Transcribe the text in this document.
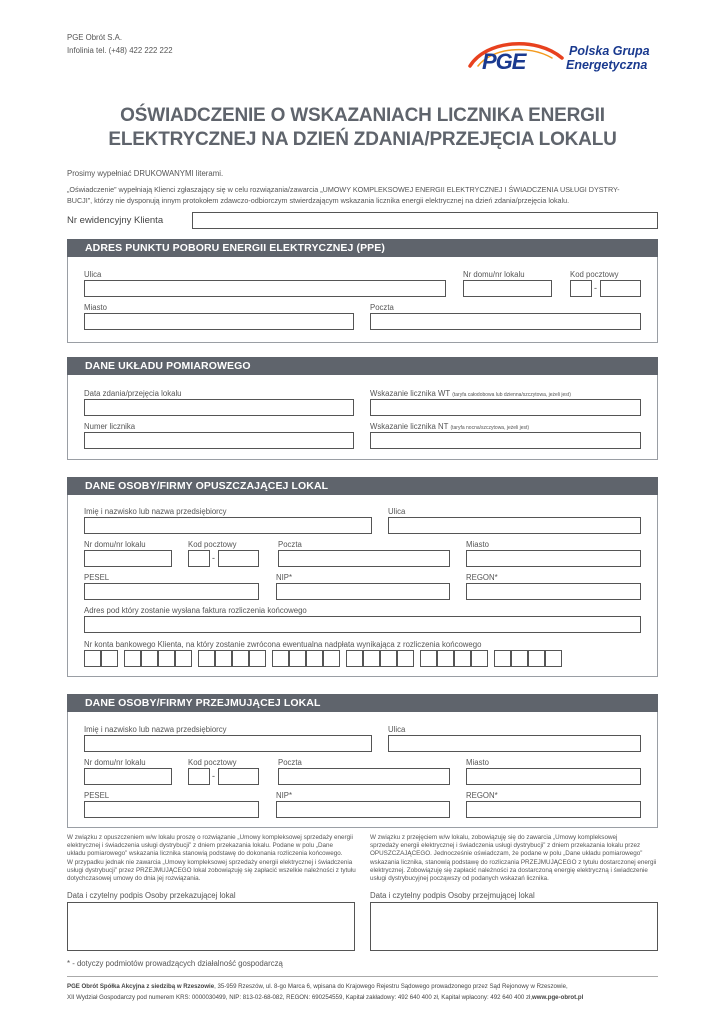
PGE Obrót S.A.
Infolinia tel. (+48) 422 222 222	PGE	Polska Grupa
Energetyczna
OŚWIADCZENIE O WSKAZANIACH LICZNIKA ENERGII
ELEKTRYCZNEJ NA DZIEŃ ZDANIA/PRZEJĘCIA LOKALU
Prosimy wypełniać DRUKOWANYMI literami.
„Oświadczenie” wypełniają Klienci zgłaszający się w celu rozwiązania/zawarcia „UMOWY KOMPLEKSOWEJ ENERGII ELEKTRYCZNEJ I ŚWIADCZENIA USŁUGI DYSTRY-
BUCJI”, którzy nie dysponują innym protokołem zdawczo-odbiorczym stwierdzającym wskazania licznika energii elektrycznej na dzień zdania/przejęcia lokalu.
Nr ewidencyjny Klienta
ADRES PUNKTU POBORU ENERGII ELEKTRYCZNEJ (PPE)
Ulica	Nr domu/nr lokalu	Kod pocztowy
-
Miasto	Poczta
DANE UKŁADU POMIAROWEGO
Data zdania/przejęcia lokalu	Wskazanie licznika WT (taryfa całodobowa lub dzienna/szczytowa, jeżeli jest)
Numer licznika	Wskazanie licznika NT (taryfa nocna/szczytowa, jeżeli jest)
DANE OSOBY/FIRMY OPUSZCZAJĄCEJ LOKAL
Imię i nazwisko lub nazwa przedsiębiorcy	Ulica
Nr domu/nr lokalu	Kod pocztowy
-
Poczta	Miasto
PESEL	NIP*	REGON*
Adres pod który zostanie wysłana faktura rozliczenia końcowego
Nr konta bankowego Klienta, na który zostanie zwrócona ewentualna nadpłata wynikająca z rozliczenia końcowego
DANE OSOBY/FIRMY PRZEJMUJĄCEJ LOKAL
Imię i nazwisko lub nazwa przedsiębiorcy	Ulica
Nr domu/nr lokalu	Kod pocztowy
-
Poczta	Miasto
PESEL	NIP*	REGON*
W związku z opuszczeniem w/w lokalu proszę o rozwiązanie „Umowy kompleksowej sprzedaży energii
elektrycznej i świadczenia usługi dystrybucji” z dniem przekazania lokalu. Podane w polu „Dane
układu pomiarowego” wskazania licznika stanowią podstawę do dokonania rozliczenia końcowego.
W przypadku jednak nie zawarcia „Umowy kompleksowej sprzedaży energii elektrycznej i świadczenia
usługi dystrybucji” przez PRZEJMUJĄCEGO lokal zobowiązuję się zapłacić wszelkie należności z tytułu
dotychczasowej umowy do dnia jej rozwiązania.
W związku z przejęciem w/w lokalu, zobowiązuję się do zawarcia „Umowy kompleksowej
sprzedaży energii elektrycznej i świadczenia usługi dystrybucji” z dniem przekazania lokalu przez
OPUSZCZAJĄCEGO. Jednocześnie oświadczam, że podane w polu „Dane układu pomiarowego”
wskazania licznika, stanowią podstawę do rozliczania PRZEJMUJĄCEGO z tytułu dostarczonej energii
elektrycznej. Zobowiązuję się zapłacić należności za dostarczoną energię elektryczną i świadczenie
usługi dystrybucyjnej począwszy od podanych wskazań licznika.
Data i czytelny podpis Osoby przekazującej lokal	Data i czytelny podpis Osoby przejmującej lokal
* - dotyczy podmiotów prowadzących działalność gospodarczą
PGE Obrót Spółka Akcyjna z siedzibą w Rzeszowie, 35-959 Rzeszów, ul. 8-go Marca 6, wpisana do Krajowego Rejestru Sądowego prowadzonego przez Sąd Rejonowy w Rzeszowie,
XII Wydział Gospodarczy pod numerem KRS: 0000030499, NIP: 813-02-68-082, REGON: 690254559, Kapitał zakładowy: 492 640 400 zł, Kapitał wpłacony: 492 640 400 zł,www.pge-obrot.pl
